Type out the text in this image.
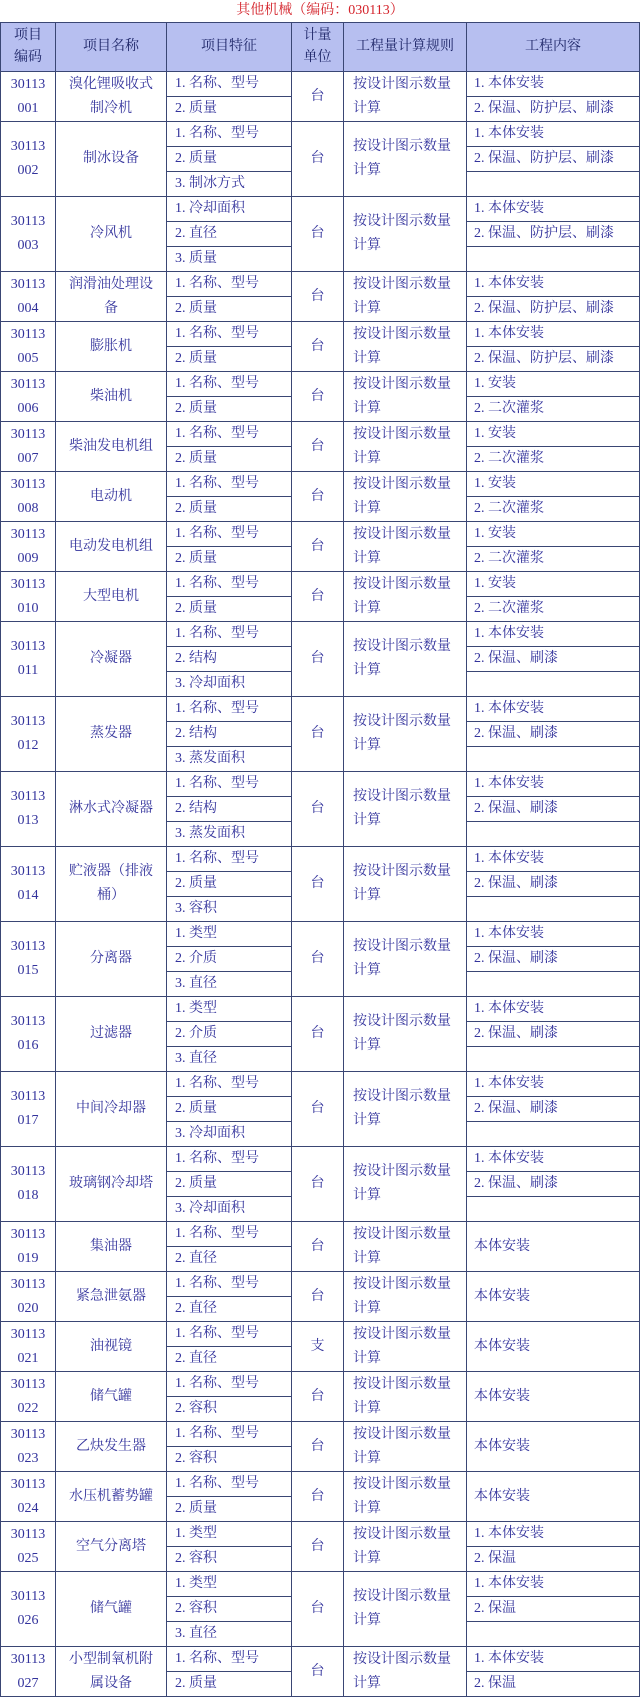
其他机械（编码：030113）
项目
编码
项目名称	项目特征
计量
单位
工程量计算规则	工程内容
30113
001
溴化锂吸收式制冷机
1. 名称、型号
2. 质量
台
按设计图示数量计算
1. 本体安装
2. 保温、防护层、刷漆
30113
002
制冰设备
1. 名称、型号
2. 质量
3. 制冰方式
台
按设计图示数量计算
1. 本体安装
2. 保温、防护层、刷漆
30113
003
冷风机
1. 冷却面积
2. 直径
3. 质量
台
按设计图示数量计算
1. 本体安装
2. 保温、防护层、刷漆
30113
004
润滑油处理设备
1. 名称、型号
2. 质量
台
按设计图示数量计算
1. 本体安装
2. 保温、防护层、刷漆
30113
005
膨胀机
1. 名称、型号
2. 质量
台
按设计图示数量计算
1. 本体安装
2. 保温、防护层、刷漆
30113
006
柴油机
1. 名称、型号
2. 质量
台
按设计图示数量计算
1. 安装
2. 二次灌浆
30113
007
柴油发电机组
1. 名称、型号
2. 质量
台
按设计图示数量计算
1. 安装
2. 二次灌浆
30113
008
电动机
1. 名称、型号
2. 质量
台
按设计图示数量计算
1. 安装
2. 二次灌浆
30113
009
电动发电机组
1. 名称、型号
2. 质量
台
按设计图示数量计算
1. 安装
2. 二次灌浆
30113
010
大型电机
1. 名称、型号
2. 质量
台
按设计图示数量计算
1. 安装
2. 二次灌浆
30113
011
冷凝器
1. 名称、型号
2. 结构
3. 冷却面积
台
按设计图示数量计算
1. 本体安装
2. 保温、刷漆
30113
012
蒸发器
1. 名称、型号
2. 结构
3. 蒸发面积
台
按设计图示数量计算
1. 本体安装
2. 保温、刷漆
30113
013
淋水式冷凝器
1. 名称、型号
2. 结构
3. 蒸发面积
台
按设计图示数量计算
1. 本体安装
2. 保温、刷漆
30113
014
贮液器（排液桶）
1. 名称、型号
2. 质量
3. 容积
台
按设计图示数量计算
1. 本体安装
2. 保温、刷漆
30113
015
分离器
1. 类型
2. 介质
3. 直径
台
按设计图示数量计算
1. 本体安装
2. 保温、刷漆
30113
016
过滤器
1. 类型
2. 介质
3. 直径
台
按设计图示数量计算
1. 本体安装
2. 保温、刷漆
30113
017
中间冷却器
1. 名称、型号
2. 质量
3. 冷却面积
台
按设计图示数量计算
1. 本体安装
2. 保温、刷漆
30113
018
玻璃钢冷却塔
1. 名称、型号
2. 质量
3. 冷却面积
台
按设计图示数量计算
1. 本体安装
2. 保温、刷漆
30113
019
集油器
1. 名称、型号
2. 直径
台
按设计图示数量计算
本体安装
30113
020
紧急泄氨器
1. 名称、型号
2. 直径
台
按设计图示数量计算
本体安装
30113
021
油视镜
1. 名称、型号
2. 直径
支
按设计图示数量计算
本体安装
30113
022
储气罐
1. 名称、型号
2. 容积
台
按设计图示数量计算
本体安装
30113
023
乙炔发生器
1. 名称、型号
2. 容积
台
按设计图示数量计算
本体安装
30113
024
水压机蓄势罐
1. 名称、型号
2. 质量
台
按设计图示数量计算
本体安装
30113
025
空气分离塔
1. 类型
2. 容积
台
按设计图示数量计算
1. 本体安装
2. 保温
30113
026
储气罐
1. 类型
2. 容积
3. 直径
台
按设计图示数量计算
1. 本体安装
2. 保温
30113
027
小型制氧机附属设备
1. 名称、型号
2. 质量
台
按设计图示数量计算
1. 本体安装
2. 保温
